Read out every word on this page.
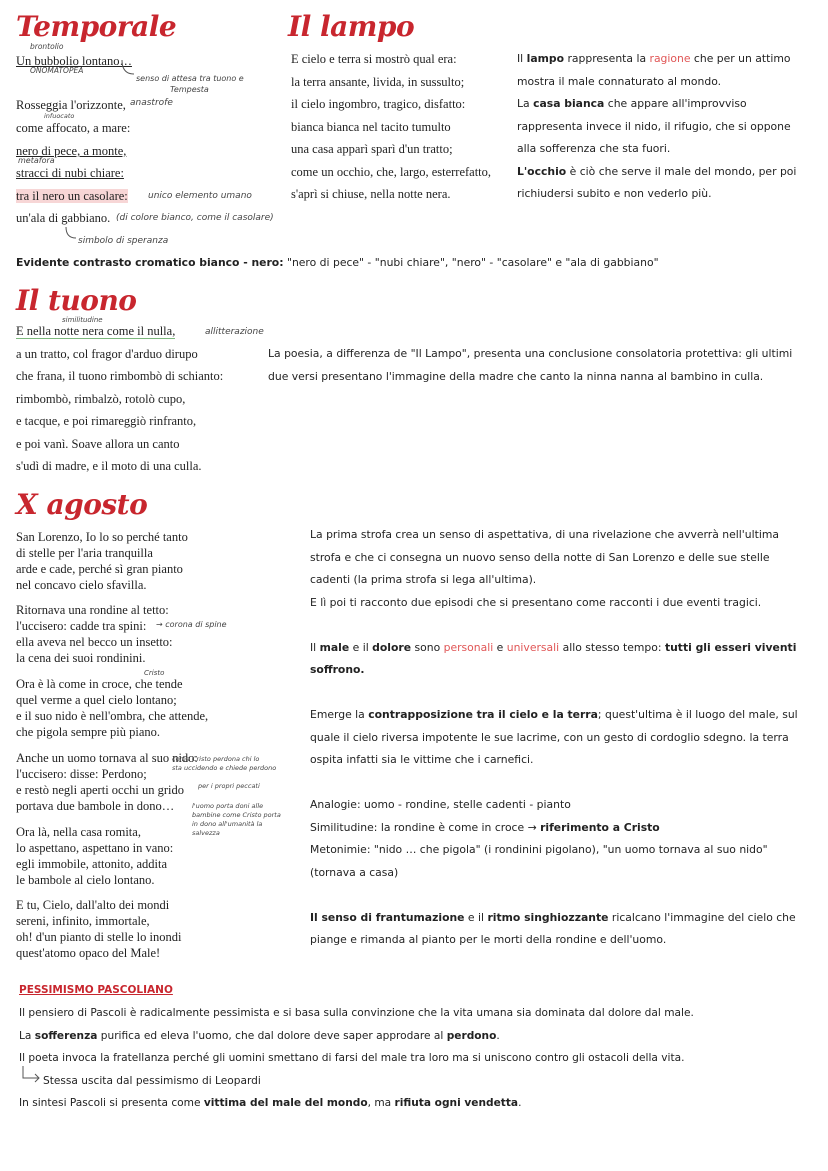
Temporale
brontolio
Un bubbolio lontano…
ONOMATOPEA
senso di attesa tra tuono e
Tempesta
Rosseggia l'orizzonte, anastrofe
infuocato
come affocato, a mare:
nero di pece, a monte,
metafora
stracci di nubi chiare:
tra il nero un casolare: unico elemento umano
un'ala di gabbiano. (di colore bianco, come il casolare)
simbolo di speranza
Evidente contrasto cromatico bianco - nero: "nero di pece" - "nubi chiare", "nero" - "casolare" e "ala di gabbiano"
Il lampo
E cielo e terra si mostrò qual era:
la terra ansante, livida, in sussulto;
il cielo ingombro, tragico, disfatto:
bianca bianca nel tacito tumulto
una casa apparì sparì d'un tratto;
come un occhio, che, largo, esterrefatto,
s'aprì si chiuse, nella notte nera.
Il lampo rappresenta la ragione che per un attimo
mostra il male connaturato al mondo.
La casa bianca che appare all'improvviso
rappresenta invece il nido, il rifugio, che si oppone
alla sofferenza che sta fuori.
L'occhio è ciò che serve il male del mondo, per poi
richiudersi subito e non vederlo più.
Il tuono
similitudine
allitterazione
E nella notte nera come il nulla,
a un tratto, col fragor d'arduo dirupo
che frana, il tuono rimbombò di schianto:
rimbombò, rimbalzò, rotolò cupo,
e tacque, e poi rimareggiò rinfranto,
e poi vanì. Soave allora un canto
s'udì di madre, e il moto di una culla.
La poesia, a differenza de "Il Lampo", presenta una conclusione consolatoria protettiva: gli ultimi
due versi presentano l'immagine della madre che canto la ninna nanna al bambino in culla.
X agosto
San Lorenzo, Io lo so perché tanto
di stelle per l'aria tranquilla
arde e cade, perché sì gran pianto
nel concavo cielo sfavilla.
Ritornava una rondine al tetto:
l'uccisero: cadde tra spini:
ella aveva nel becco un insetto:
la cena dei suoi rondinini.
→ corona di spine
Ora è là come in croce, che tende
quel verme a quel cielo lontano;
e il suo nido è nell'ombra, che attende,
che pigola sempre più piano.
Cristo
Anche un uomo tornava al suo nido:
l'uccisero: disse: Perdono;
e restò negli aperti occhi un grido
portava due bambole in dono…
come Cristo perdona chi lo
sta uccidendo e chiede perdono
per i propri peccati
l'uomo porta doni alle
bambine come Cristo porta
in dono all'umanità la
salvezza
Ora là, nella casa romita,
lo aspettano, aspettano in vano:
egli immobile, attonito, addita
le bambole al cielo lontano.
E tu, Cielo, dall'alto dei mondi
sereni, infinito, immortale,
oh! d'un pianto di stelle lo inondi
quest'atomo opaco del Male!
La prima strofa crea un senso di aspettativa, di una rivelazione che avverrà nell'ultima
strofa e che ci consegna un nuovo senso della notte di San Lorenzo e delle sue stelle
cadenti (la prima strofa si lega all'ultima).
E lì poi ti racconto due episodi che si presentano come racconti i due eventi tragici.
Il male e il dolore sono personali e universali allo stesso tempo: tutti gli esseri viventi
soffrono.
Emerge la contrapposizione tra il cielo e la terra; quest'ultima è il luogo del male, sul
quale il cielo riversa impotente le sue lacrime, con un gesto di cordoglio sdegno. la terra
ospita infatti sia le vittime che i carnefici.
Analogie: uomo - rondine, stelle cadenti - pianto
Similitudine: la rondine è come in croce → riferimento a Cristo
Metonimie: "nido … che pigola" (i rondinini pigolano), "un uomo tornava al suo nido"
(tornava a casa)
Il senso di frantumazione e il ritmo singhiozzante ricalcano l'immagine del cielo che
piange e rimanda al pianto per le morti della rondine e dell'uomo.
PESSIMISMO PASCOLIANO
Il pensiero di Pascoli è radicalmente pessimista e si basa sulla convinzione che la vita umana sia dominata dal dolore dal male.
La sofferenza purifica ed eleva l'uomo, che dal dolore deve saper approdare al perdono.
Il poeta invoca la fratellanza perché gli uomini smettano di farsi del male tra loro ma si uniscono contro gli ostacoli della vita.
Stessa uscita dal pessimismo di Leopardi
In sintesi Pascoli si presenta come vittima del male del mondo, ma rifiuta ogni vendetta.
